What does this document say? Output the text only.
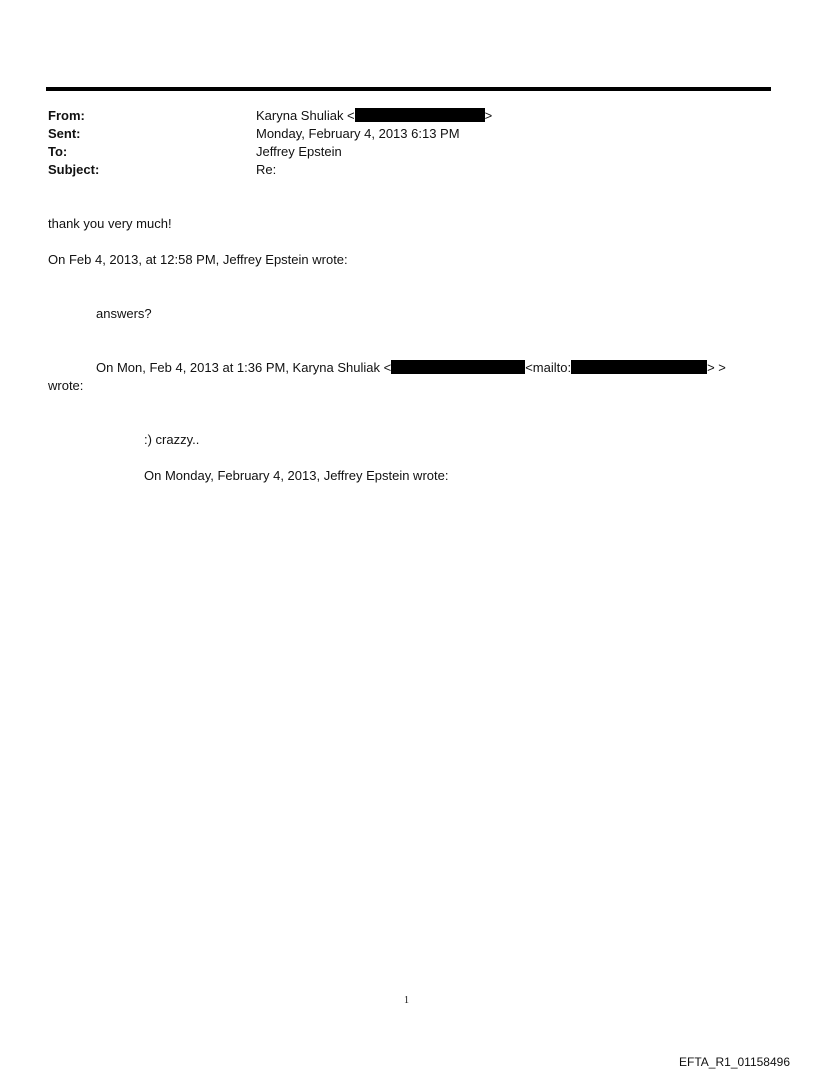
From:	Karyna Shuliak <	>
Sent:	Monday, February 4, 2013 6:13 PM
To:	Jeffrey Epstein
Subject:	Re:
thank you very much!
On Feb 4, 2013, at 12:58 PM, Jeffrey Epstein wrote:
answers?
On Mon, Feb 4, 2013 at 1:36 PM, Karyna Shuliak <	<mailto:	> >
wrote:
:) crazzy..
On Monday, February 4, 2013, Jeffrey Epstein wrote:
1
EFTA_R1_01158496
